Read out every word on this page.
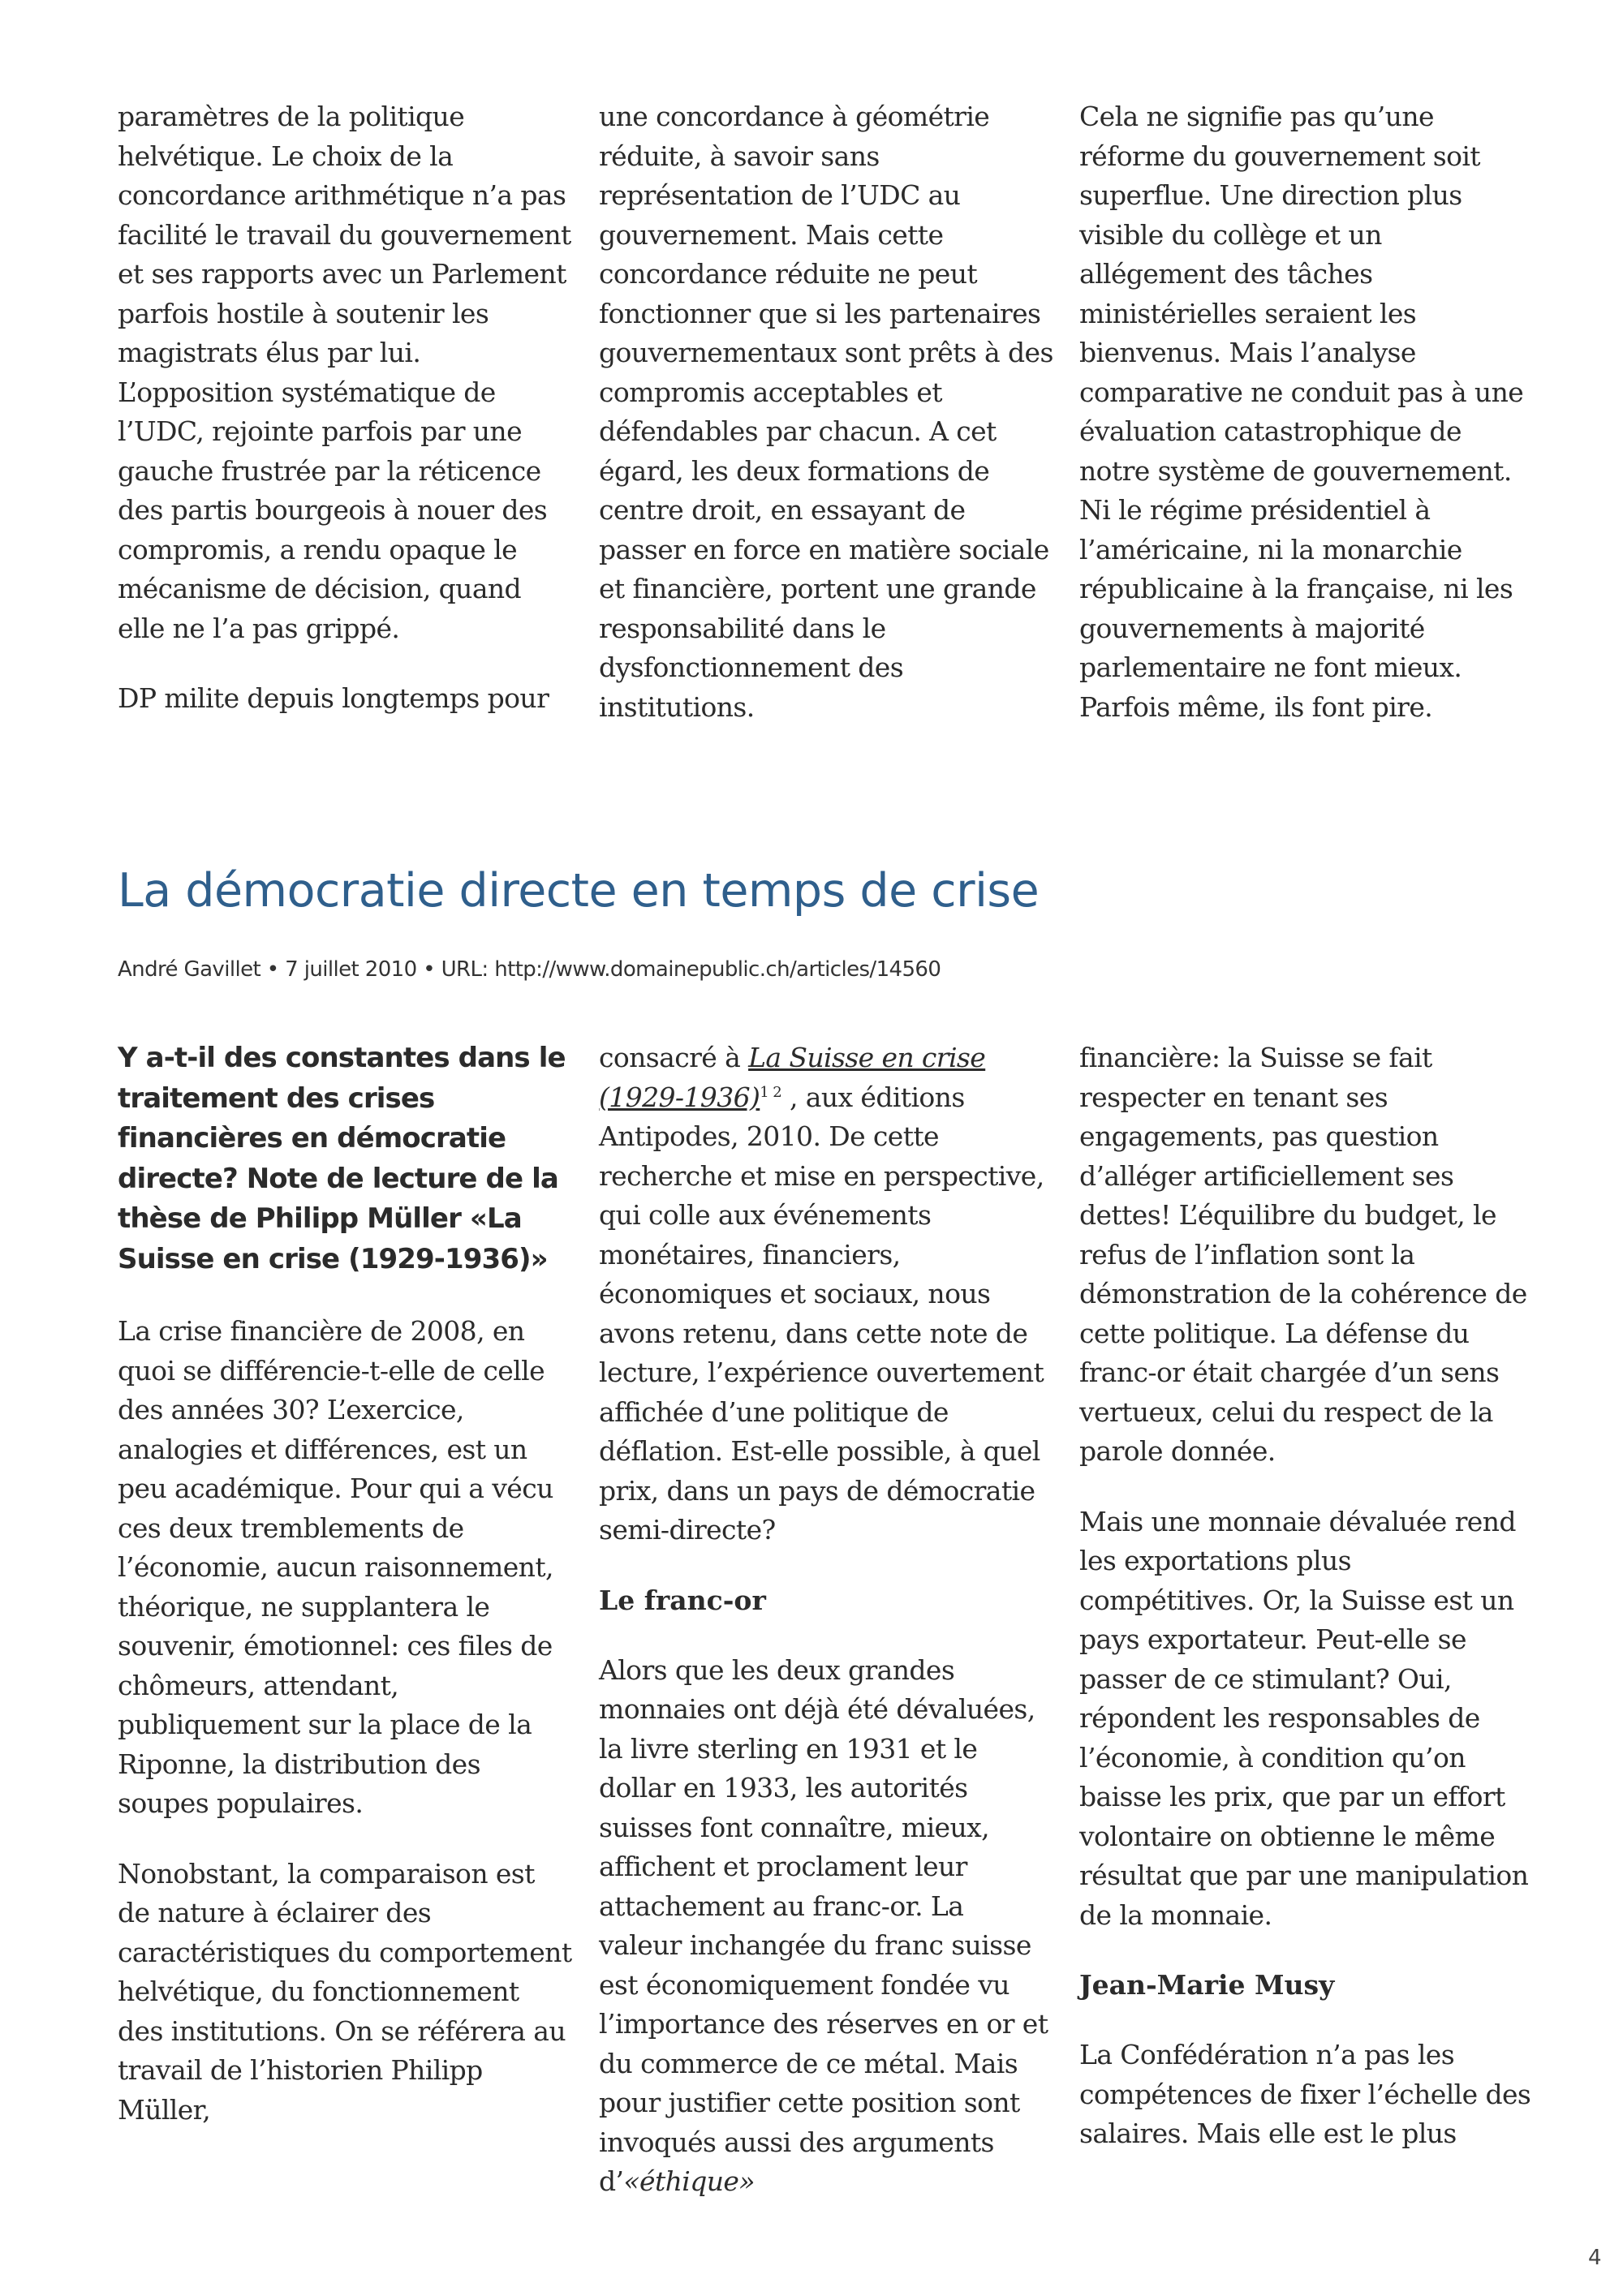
paramètres de la politique helvétique. Le choix de la concordance arithmétique n’a pas facilité le travail du gouvernement et ses rapports avec un Parlement parfois hostile à soutenir les magistrats élus par lui. L’opposition systématique de l’UDC, rejointe parfois par une gauche frustrée par la réticence des partis bourgeois à nouer des compromis, a rendu opaque le mécanisme de décision, quand elle ne l’a pas grippé.

DP milite depuis longtemps pour

une concordance à géométrie réduite, à savoir sans représentation de l’UDC au gouvernement. Mais cette concordance réduite ne peut fonctionner que si les partenaires gouvernementaux sont prêts à des compromis acceptables et défendables par chacun. A cet égard, les deux formations de centre droit, en essayant de passer en force en matière sociale et financière, portent une grande responsabilité dans le dysfonctionnement des institutions.

Cela ne signifie pas qu’une réforme du gouvernement soit superflue. Une direction plus visible du collège et un allégement des tâches ministérielles seraient les bienvenus. Mais l’analyse comparative ne conduit pas à une évaluation catastrophique de notre système de gouvernement. Ni le régime présidentiel à l’américaine, ni la monarchie républicaine à la française, ni les gouvernements à majorité parlementaire ne font mieux. Parfois même, ils font pire.

La démocratie directe en temps de crise
André Gavillet • 7 juillet 2010 • URL: http://www.domainepublic.ch/articles/14560

Y a-t-il des constantes dans le traitement des crises financières en démocratie directe? Note de lecture de la thèse de Philipp Müller «La Suisse en crise (1929-1936)»

La crise financière de 2008, en quoi se différencie-t-elle de celle des années 30? L’exercice, analogies et différences, est un peu académique. Pour qui a vécu ces deux tremblements de l’économie, aucun raisonnement, théorique, ne supplantera le souvenir, émotionnel: ces files de chômeurs, attendant, publiquement sur la place de la Riponne, la distribution des soupes populaires.

Nonobstant, la comparaison est de nature à éclairer des caractéristiques du comportement helvétique, du fonctionnement des institutions. On se référera au travail de l’historien Philipp Müller,

consacré à La Suisse en crise (1929-1936)$^{1 2}$ , aux éditions Antipodes, 2010. De cette recherche et mise en perspective, qui colle aux événements monétaires, financiers, économiques et sociaux, nous avons retenu, dans cette note de lecture, l’expérience ouvertement affichée d’une politique de déflation. Est-elle possible, à quel prix, dans un pays de démocratie semi-directe?

Le franc-or

Alors que les deux grandes monnaies ont déjà été dévaluées, la livre sterling en 1931 et le dollar en 1933, les autorités suisses font connaître, mieux, affichent et proclament leur attachement au franc-or. La valeur inchangée du franc suisse est économiquement fondée vu l’importance des réserves en or et du commerce de ce métal. Mais pour justifier cette position sont invoqués aussi des arguments d’«éthique»

financière: la Suisse se fait respecter en tenant ses engagements, pas question d’alléger artificiellement ses dettes! L’équilibre du budget, le refus de l’inflation sont la démonstration de la cohérence de cette politique. La défense du franc-or était chargée d’un sens vertueux, celui du respect de la parole donnée.

Mais une monnaie dévaluée rend les exportations plus compétitives. Or, la Suisse est un pays exportateur. Peut-elle se passer de ce stimulant? Oui, répondent les responsables de l’économie, à condition qu’on baisse les prix, que par un effort volontaire on obtienne le même résultat que par une manipulation de la monnaie.

Jean-Marie Musy

La Confédération n’a pas les compétences de fixer l’échelle des salaires. Mais elle est le plus

4
